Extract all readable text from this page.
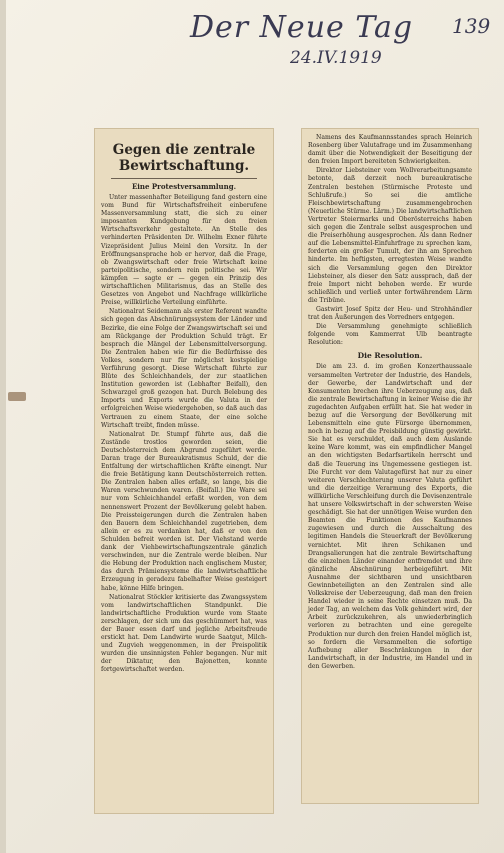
Der Neue Tag
24.IV.1919
139
Gegen die zentrale Bewirtschaftung.
Eine Protestversammlung.

Unter massenhafter Beteiligung fand gestern eine vom Bund für Wirtschaftsfreiheit einberufene Massenversammlung statt, die sich zu einer imposanten Kundgebung für den freien Wirtschaftsverkehr gestaltete. An Stelle des verhinderten Präsidenten Dr. Wilhelm Exner führte Vizepräsident Julius Meinl den Vorsitz. In der Eröffnungsansprache hob er hervor, daß die Frage, ob Zwangswirtschaft oder freie Wirtschaft keine parteipolitische, sondern rein politische sei. Wir kämpfen — sagte er — gegen ein Prinzip des wirtschaftlichen Militarismus, das an Stelle des Gesetzes von Angebot und Nachfrage willkürliche Preise, willkürliche Verteilung einführte.

Nationalrat Seidemann als erster Referent wandte sich gegen das Abschnürungssystem der Länder und Bezirke, die eine Folge der Zwangswirtschaft sei und am Rückgange der Produktion Schuld trägt. Er besprach die Mängel der Lebensmittelversorgung. Die Zentralen haben wie für die Bedürfnisse des Volkes, sondern nur für möglichst kostspielige Verführung gesorgt. Diese Wirtschaft führte zur Blüte des Schleichhandels, der zur staatlichen Institution geworden ist (Lebhafter Beifall), den Schwarzgel groß gezogen hat. Durch Belebung des Imports und Exports wurde die Valuta in der erfolgreichen Weise wiedergehoben, so daß auch das Vertrauen zu einem Staate, der eine solche Wirtschaft treibt, finden müsse.

Nationalrat Dr. Stumpf führte aus, daß die Zustände trostlos geworden seien, die Deutschösterreich dem Abgrund zugeführt werde. Daran trage der Bureaukratismus Schuld, der die Entfaltung der wirtschaftlichen Kräfte einengt. Nur die freie Betätigung kann Deutschösterreich retten. Die Zentralen haben alles erfaßt, so lange, bis die Waren verschwunden waren. (Beifall.) Die Ware sei nur vom Schleichhandel erfaßt worden, von dem nennenswert Prozent der Bevölkerung gelebt haben. Die Preissteigerungen durch die Zentralen haben den Bauern dem Schleichhandel zugetrieben, dem allein er es zu verdanken hat, daß er von den Schulden befreit worden ist. Der Viehstand werde dank der Viehbewirtschaftungszentrale gänzlich verschwinden, nur die Zentrale werde bleiben. Nur die Hebung der Produktion nach englischem Muster, das durch Prämiensysteme die landwirtschaftliche Erzeugung in geradezu fabelhafter Weise gesteigert habe, könne Hilfe bringen.

Nationalrat Stöckler kritisierte das Zwangssystem vom landwirtschaftlichen Standpunkt. Die landwirtschaftliche Produktion wurde vom Staate zerschlagen, der sich um das geschümmert hat, was der Bauer essen darf und jegliche Arbeitsfreude erstickt hat. Dem Landwirte wurde Saatgut, Milch- und Zugvieh weggenommen, in der Preispolitik wurden die unsinnigsten Fehler begangen. Nur mit der Diktatur, den Bajonetten, konnte fortgewirtschaftet werden.

Namens des Kaufmannsstandes sprach Heinrich Rosenberg über Valutafrage und im Zusammenhang damit über die Notwendigkeit der Beseitigung der den freien Import bereiteten Schwierigkeiten.

Direktor Liebsteiner vom Wollverarbeitungsamte betonte, daß derzeit noch bureaukratische Zentralen bestehen (Stürmische Proteste und Schlußrufe.) So sei die amtliche Fleischbewirtschaftung zusammengebrochen (Neuerliche Stürme. Lärm.) Die landwirtschaftlichen Vertreter Steiermarks und Oberösterreichs haben sich gegen die Zentrale selbst ausgesprochen und die Preiserhöhung ausgesprochen. Als dann Redner auf die Lebensmittel-Einfuhrfrage zu sprechen kam, forderten ein großer Tumult, der ihn am Sprechen hinderte. Im heftigsten, erregtesten Weise wandte sich die Versammlung gegen den Direktor Liebsteiner, als dieser den Satz aussprach, daß der freie Import nicht behoben werde. Er wurde schließlich und verließ unter fortwährendem Lärm die Tribüne.

Gastwirt Josef Spitz der Heu- und Strohhändler trat den Äußerungen des Vorredners entgegen.

Die Versammlung genehmigte schließlich folgende vom Kammerrat Ulb beantragte Resolution:

Die Resolution.

Die am 23. d. im großen Konzerthaussaale versammelten Vertreter der Industrie, des Handels, der Gewerbe, der Landwirtschaft und der Konsumenten brechen ihre Ueberzeugung aus, daß die zentrale Bewirtschaftung in keiner Weise die ihr zugedachten Aufgaben erfüllt hat. Sie hat weder in bezug auf die Versorgung der Bevölkerung mit Lebensmitteln eine gute Fürsorge übernommen, noch in bezug auf die Preisbildung günstig gewirkt. Sie hat es verschuldet, daß auch dem Auslande keine Ware kommt, was ein empfindlicher Mangel an den wichtigsten Bedarfsartikeln herrscht und daß die Teuerung ins Ungemessene gestiegen ist. Die Furcht vor dem Valutagefürst hat nur zu einer weiteren Verschlechterung unserer Valuta geführt und die derzeitige Verarmung des Exports, die willkürliche Verschleifung durch die Devisenzentrale hat unsere Volkswirtschaft in der schwersten Weise geschädigt. Sie hat der unnötigen Weise wurden den Beamten die Funktionen des Kaufmannes zugewiesen und durch die Ausschaltung des legitimen Handels die Steuerkraft der Bevölkerung vernichtet. Mit ihren Schikanen und Drangsalierungen hat die zentrale Bewirtschaftung die einzelnen Länder einander entfremdet und ihre gänzliche Abschnürung herbeigeführt. Mit Ausnahme der sichtbaren und unsichtbaren Gewinnbeteiligten an den Zentralen sind alle Volkskreise der Ueberzeugung, daß man den freien Handel wieder in seine Rechte einsetzen muß. Da jeder Tag, an welchem das Volk gehindert wird, der Arbeit zurückzukehren, als unwiederbringlich verloren zu betrachten und eine geregelte Produktion nur durch den freien Handel möglich ist, so fordern die Versammelten die sofortige Aufhebung aller Beschränkungen in der Landwirtschaft, in der Industrie, im Handel und in den Gewerben.
